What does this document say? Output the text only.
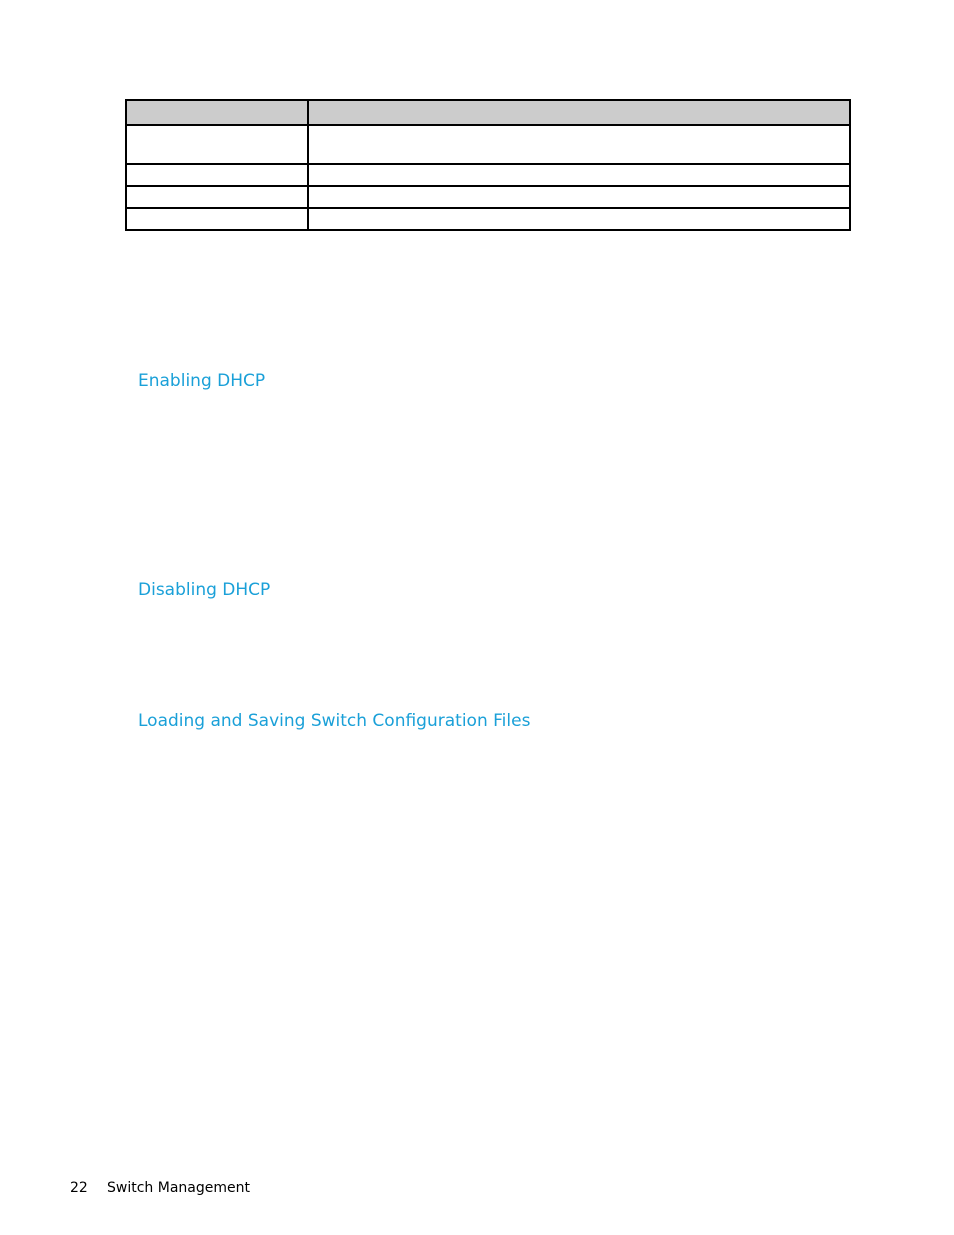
Enabling DHCP
Disabling DHCP
Loading and Saving Switch Configuration Files
22 Switch Management
